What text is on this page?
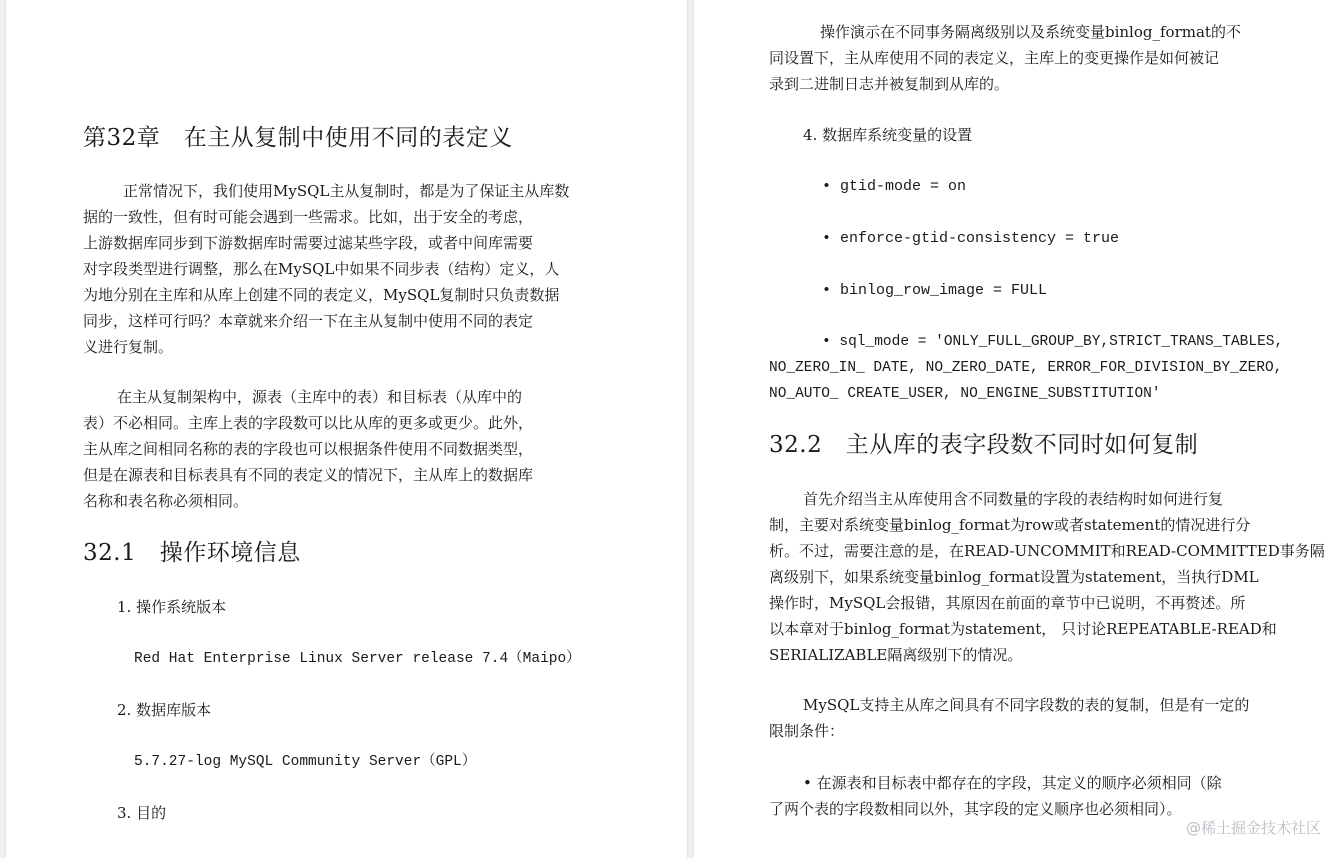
第32章　在主从复制中使用不同的表定义
正常情况下，我们使用MySQL主从复制时，都是为了保证主从库数
据的一致性，但有时可能会遇到一些需求。比如，出于安全的考虑，
上游数据库同步到下游数据库时需要过滤某些字段，或者中间库需要
对字段类型进行调整，那么在MySQL中如果不同步表（结构）定义，人
为地分别在主库和从库上创建不同的表定义，MySQL复制时只负责数据
同步，这样可行吗？本章就来介绍一下在主从复制中使用不同的表定
义进行复制。
在主从复制架构中，源表（主库中的表）和目标表（从库中的
表）不必相同。主库上表的字段数可以比从库的更多或更少。此外，
主从库之间相同名称的表的字段也可以根据条件使用不同数据类型，
但是在源表和目标表具有不同的表定义的情况下，主从库上的数据库
名称和表名称必须相同。
32.1　操作环境信息
1. 操作系统版本
Red Hat Enterprise Linux Server release 7.4（Maipo）
2. 数据库版本
5.7.27-log MySQL Community Server（GPL）
3. 目的
操作演示在不同事务隔离级别以及系统变量binlog_format的不
同设置下，主从库使用不同的表定义，主库上的变更操作是如何被记
录到二进制日志并被复制到从库的。
4. 数据库系统变量的设置
• gtid-mode = on
• enforce-gtid-consistency = true
• binlog_row_image = FULL
• sql_mode = 'ONLY_FULL_GROUP_BY,STRICT_TRANS_TABLES,
NO_ZERO_IN_ DATE, NO_ZERO_DATE, ERROR_FOR_DIVISION_BY_ZERO,
NO_AUTO_ CREATE_USER, NO_ENGINE_SUBSTITUTION'
32.2　主从库的表字段数不同时如何复制
首先介绍当主从库使用含不同数量的字段的表结构时如何进行复
制，主要对系统变量binlog_format为row或者statement的情况进行分
析。不过，需要注意的是，在READ-UNCOMMIT和READ-COMMITTED事务隔
离级别下，如果系统变量binlog_format设置为statement，当执行DML
操作时，MySQL会报错，其原因在前面的章节中已说明，不再赘述。所
以本章对于binlog_format为statement， 只讨论REPEATABLE-READ和
SERIALIZABLE隔离级别下的情况。
MySQL支持主从库之间具有不同字段数的表的复制，但是有一定的
限制条件：
• 在源表和目标表中都存在的字段，其定义的顺序必须相同（除
了两个表的字段数相同以外，其字段的定义顺序也必须相同）。
@稀土掘金技术社区
